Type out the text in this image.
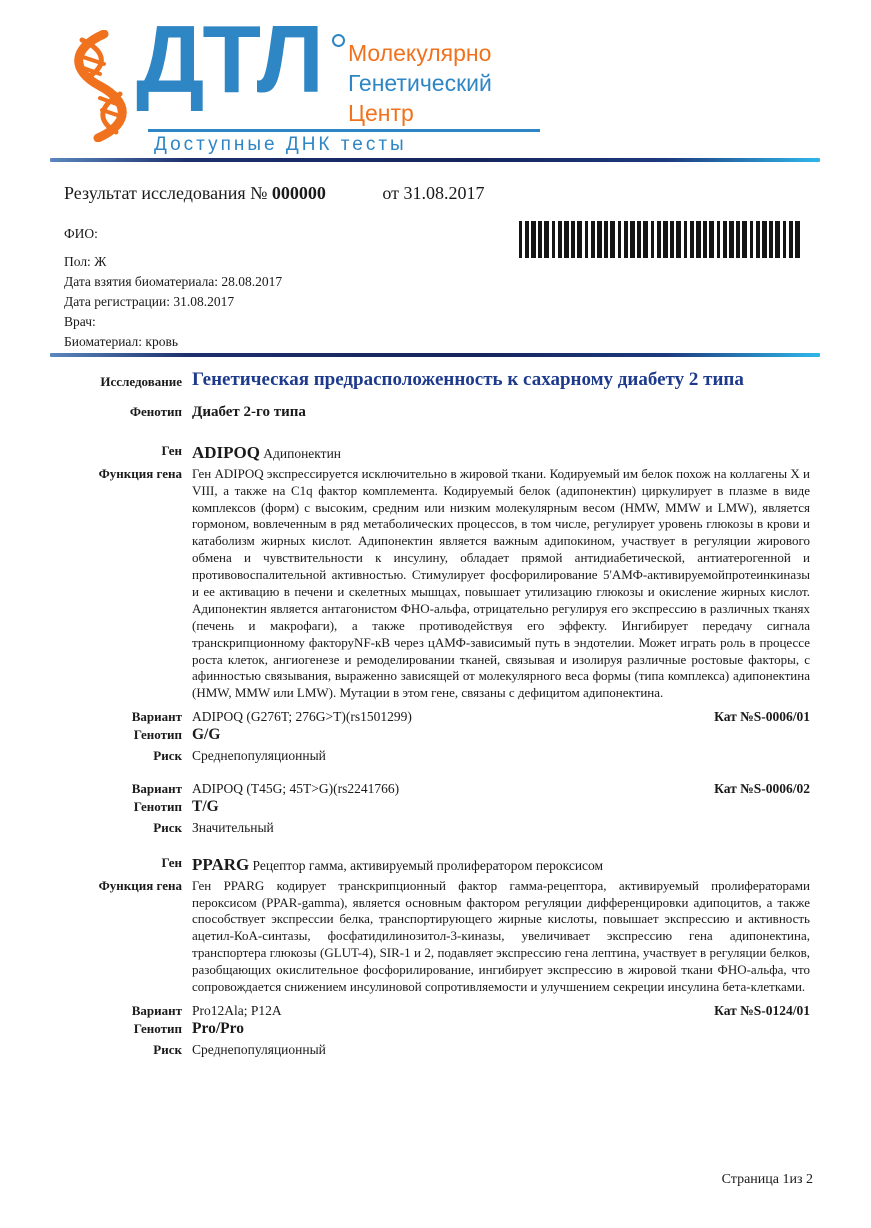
ДТЛ Молекулярно
Генетический
Центр
Доступные ДНК тесты
Результат исследования № 000000	от 31.08.2017
ФИО:
Пол: Ж
Дата взятия биоматериала: 28.08.2017
Дата регистрации: 31.08.2017
Врач:
Биоматериал: кровь
Исследование Генетическая предрасположенность к сахарному диабету 2 типа
Фенотип Диабет 2-го типа
Ген ADIPOQ Адипонектин
Функция гена Ген ADIPOQ экспрессируется исключительно в жировой ткани. Кодируемый им белок похож на коллагены X и VIII, а также на C1q фактор комплемента. Кодируемый белок (адипонектин) циркулирует в плазме в виде комплексов (форм) с высоким, средним или низким молекулярным весом (HMW, MMW и LMW), является гормоном, вовлеченным в ряд метаболических процессов, в том числе, регулирует уровень глюкозы в крови и катаболизм жирных кислот. Адипонектин является важным адипокином, участвует в регуляции жирового обмена и чувствительности к инсулину, обладает прямой антидиабетической, антиатерогенной и противовоспалительной активностью. Стимулирует фосфорилирование 5'АМФ-активируемойпротеинкиназы и ее активацию в печени и скелетных мышцах, повышает утилизацию глюкозы и окисление жирных кислот. Адипонектин является антагонистом ФНО-альфа, отрицательно регулируя его экспрессию в различных тканях (печень и макрофаги), а также противодействуя его эффекту. Ингибирует передачу сигнала транскрипционному факторуNF-кВ через цАМФ-зависимый путь в эндотелии. Может играть роль в процессе роста клеток, ангиогенезе и ремоделировании тканей, связывая и изолируя различные ростовые факторы, с афинностью связывания, выраженно зависящей от молекулярного веса формы (типа комплекса) адипонектина (HMW, MMW или LMW). Мутации в этом гене, связаны с дефицитом адипонектина.
Вариант ADIPOQ (G276T; 276G>T)(rs1501299)	Кат №S-0006/01
Генотип G/G
Риск Среднепопуляционный
Вариант ADIPOQ (T45G; 45T>G)(rs2241766)	Кат №S-0006/02
Генотип T/G
Риск Значительный
Ген PPARG Рецептор гамма, активируемый пролифератором пероксисом
Функция гена Ген PPARG кодирует транскрипционный фактор гамма-рецептора, активируемый пролифераторами пероксисом (PPAR-gamma), является основным фактором регуляции дифференцировки адипоцитов, а также способствует экспрессии белка, транспортирующего жирные кислоты, повышает экспрессию и активность ацетил-КоА-синтазы, фосфатидилинозитол-3-киназы, увеличивает экспрессию гена адипонектина, транспортера глюкозы (GLUT-4), SIR-1 и 2, подавляет экспрессию гена лептина, участвует в регуляции белков, разобщающих окислительное фосфорилирование, ингибирует экспрессию в жировой ткани ФНО-альфа, что сопровождается снижением инсулиновой сопротивляемости и улучшением секреции инсулина бета-клетками.
Вариант Pro12Ala; P12A	Кат №S-0124/01
Генотип Pro/Pro
Риск Среднепопуляционный
Страница 1из 2
